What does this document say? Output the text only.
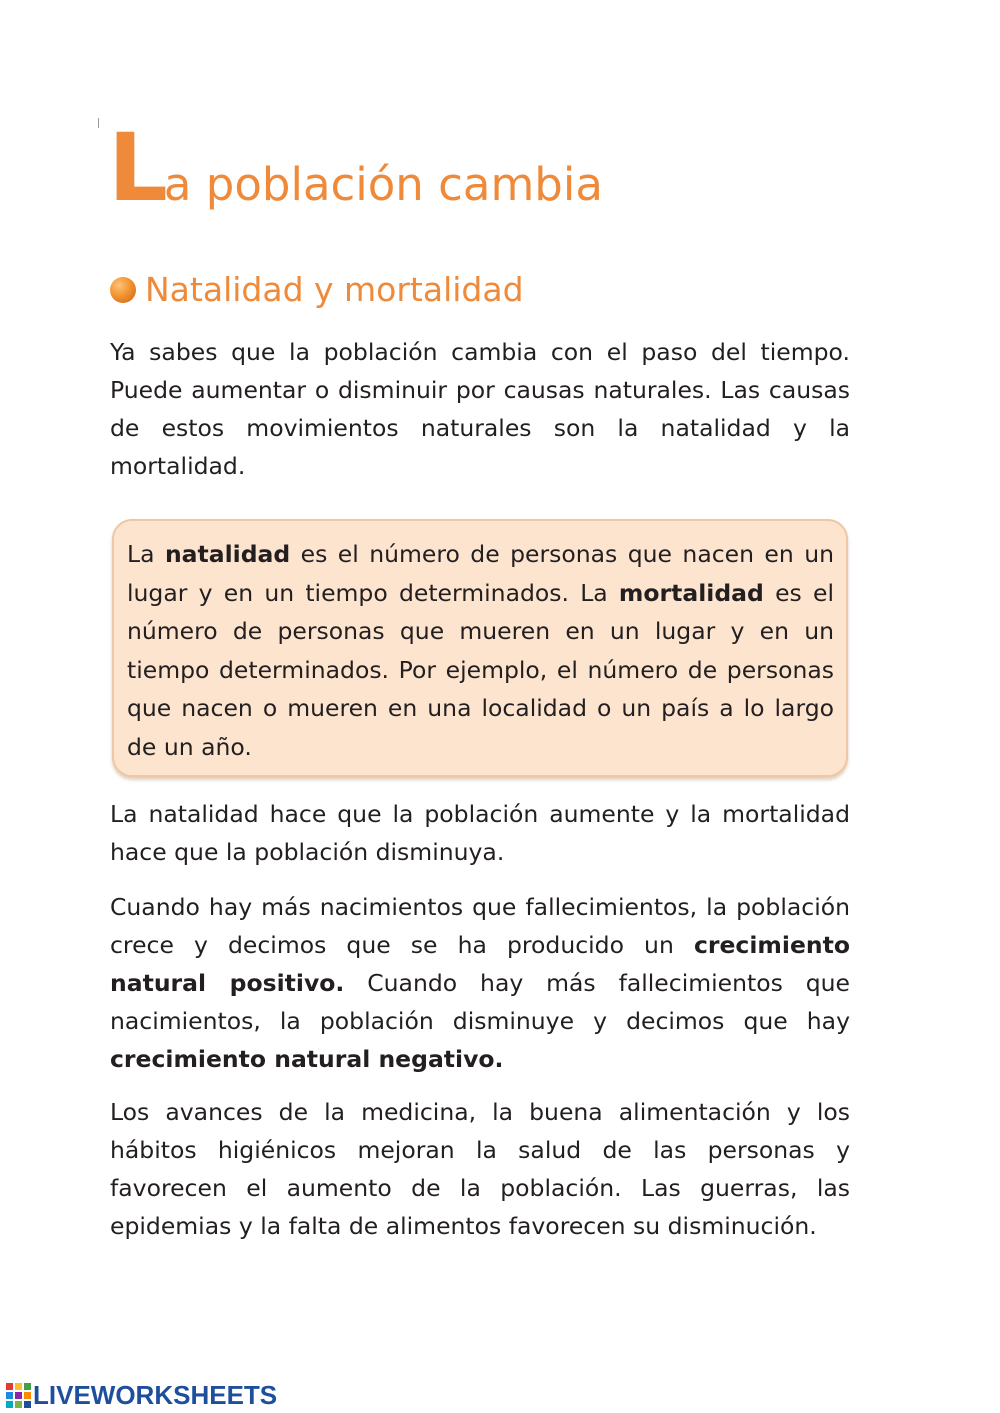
La población cambia
Natalidad y mortalidad

Ya sabes que la población cambia con el paso del tiempo. Puede aumentar o disminuir por causas naturales. Las causas de estos movimientos naturales son la natalidad y la mortalidad.

La natalidad es el número de personas que nacen en un lugar y en un tiempo determinados. La mortalidad es el número de personas que mueren en un lugar y en un tiempo determinados. Por ejemplo, el número de personas que nacen o mueren en una localidad o un país a lo largo de un año.

La natalidad hace que la población aumente y la mortalidad hace que la población disminuya.

Cuando hay más nacimientos que fallecimientos, la población crece y decimos que se ha producido un crecimiento natural positivo. Cuando hay más fallecimientos que nacimientos, la población disminuye y decimos que hay crecimiento natural negativo.

Los avances de la medicina, la buena alimentación y los hábitos higiénicos mejoran la salud de las personas y favorecen el aumento de la población. Las guerras, las epidemias y la falta de alimentos favorecen su disminución.

LIVEWORKSHEETS
